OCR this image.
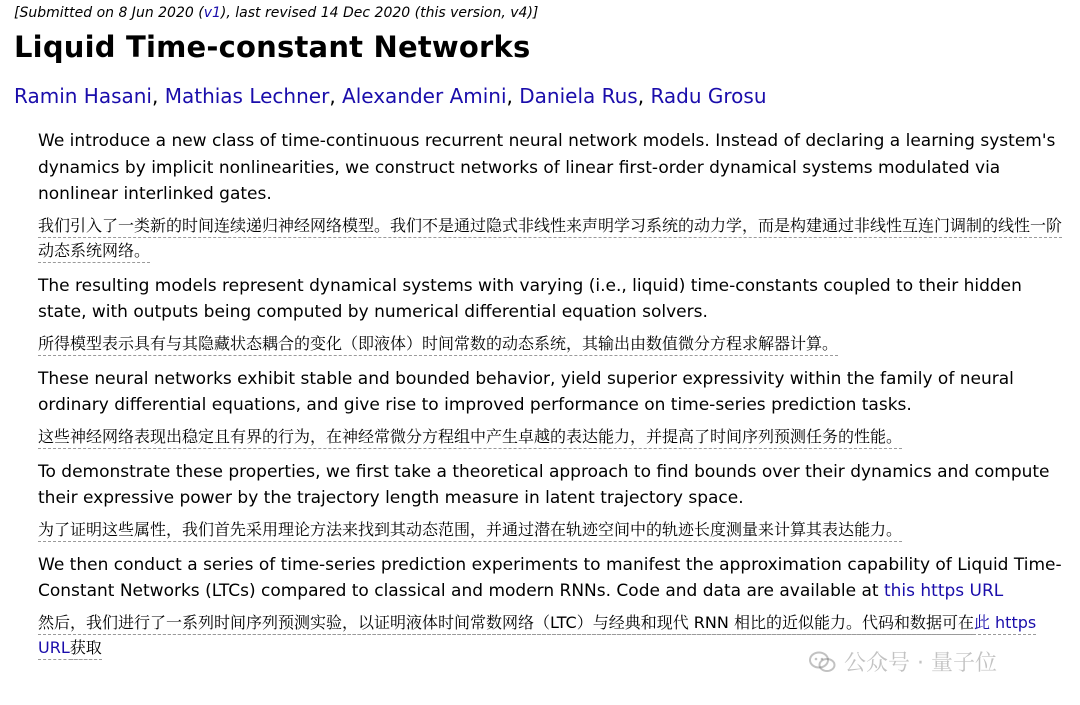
[Submitted on 8 Jun 2020 (v1), last revised 14 Dec 2020 (this version, v4)]
Liquid Time-constant Networks
Ramin Hasani, Mathias Lechner, Alexander Amini, Daniela Rus, Radu Grosu

We introduce a new class of time-continuous recurrent neural network models. Instead of declaring a learning system's dynamics by implicit nonlinearities, we construct networks of linear first-order dynamical systems modulated via nonlinear interlinked gates.

我们引入了一类新的时间连续递归神经网络模型。我们不是通过隐式非线性来声明学习系统的动力学，而是构建通过非线性互连门调制的线性一阶动态系统网络。

The resulting models represent dynamical systems with varying (i.e., liquid) time-constants coupled to their hidden state, with outputs being computed by numerical differential equation solvers.

所得模型表示具有与其隐藏状态耦合的变化（即液体）时间常数的动态系统，其输出由数值微分方程求解器计算。

These neural networks exhibit stable and bounded behavior, yield superior expressivity within the family of neural ordinary differential equations, and give rise to improved performance on time-series prediction tasks.

这些神经网络表现出稳定且有界的行为，在神经常微分方程组中产生卓越的表达能力，并提高了时间序列预测任务的性能。

To demonstrate these properties, we first take a theoretical approach to find bounds over their dynamics and compute their expressive power by the trajectory length measure in latent trajectory space.

为了证明这些属性，我们首先采用理论方法来找到其动态范围，并通过潜在轨迹空间中的轨迹长度测量来计算其表达能力。

We then conduct a series of time-series prediction experiments to manifest the approximation capability of Liquid Time-Constant Networks (LTCs) compared to classical and modern RNNs. Code and data are available at this https URL

然后，我们进行了一系列时间序列预测实验，以证明液体时间常数网络（LTC）与经典和现代 RNN 相比的近似能力。代码和数据可在此 https URL获取

公众号 · 量子位
